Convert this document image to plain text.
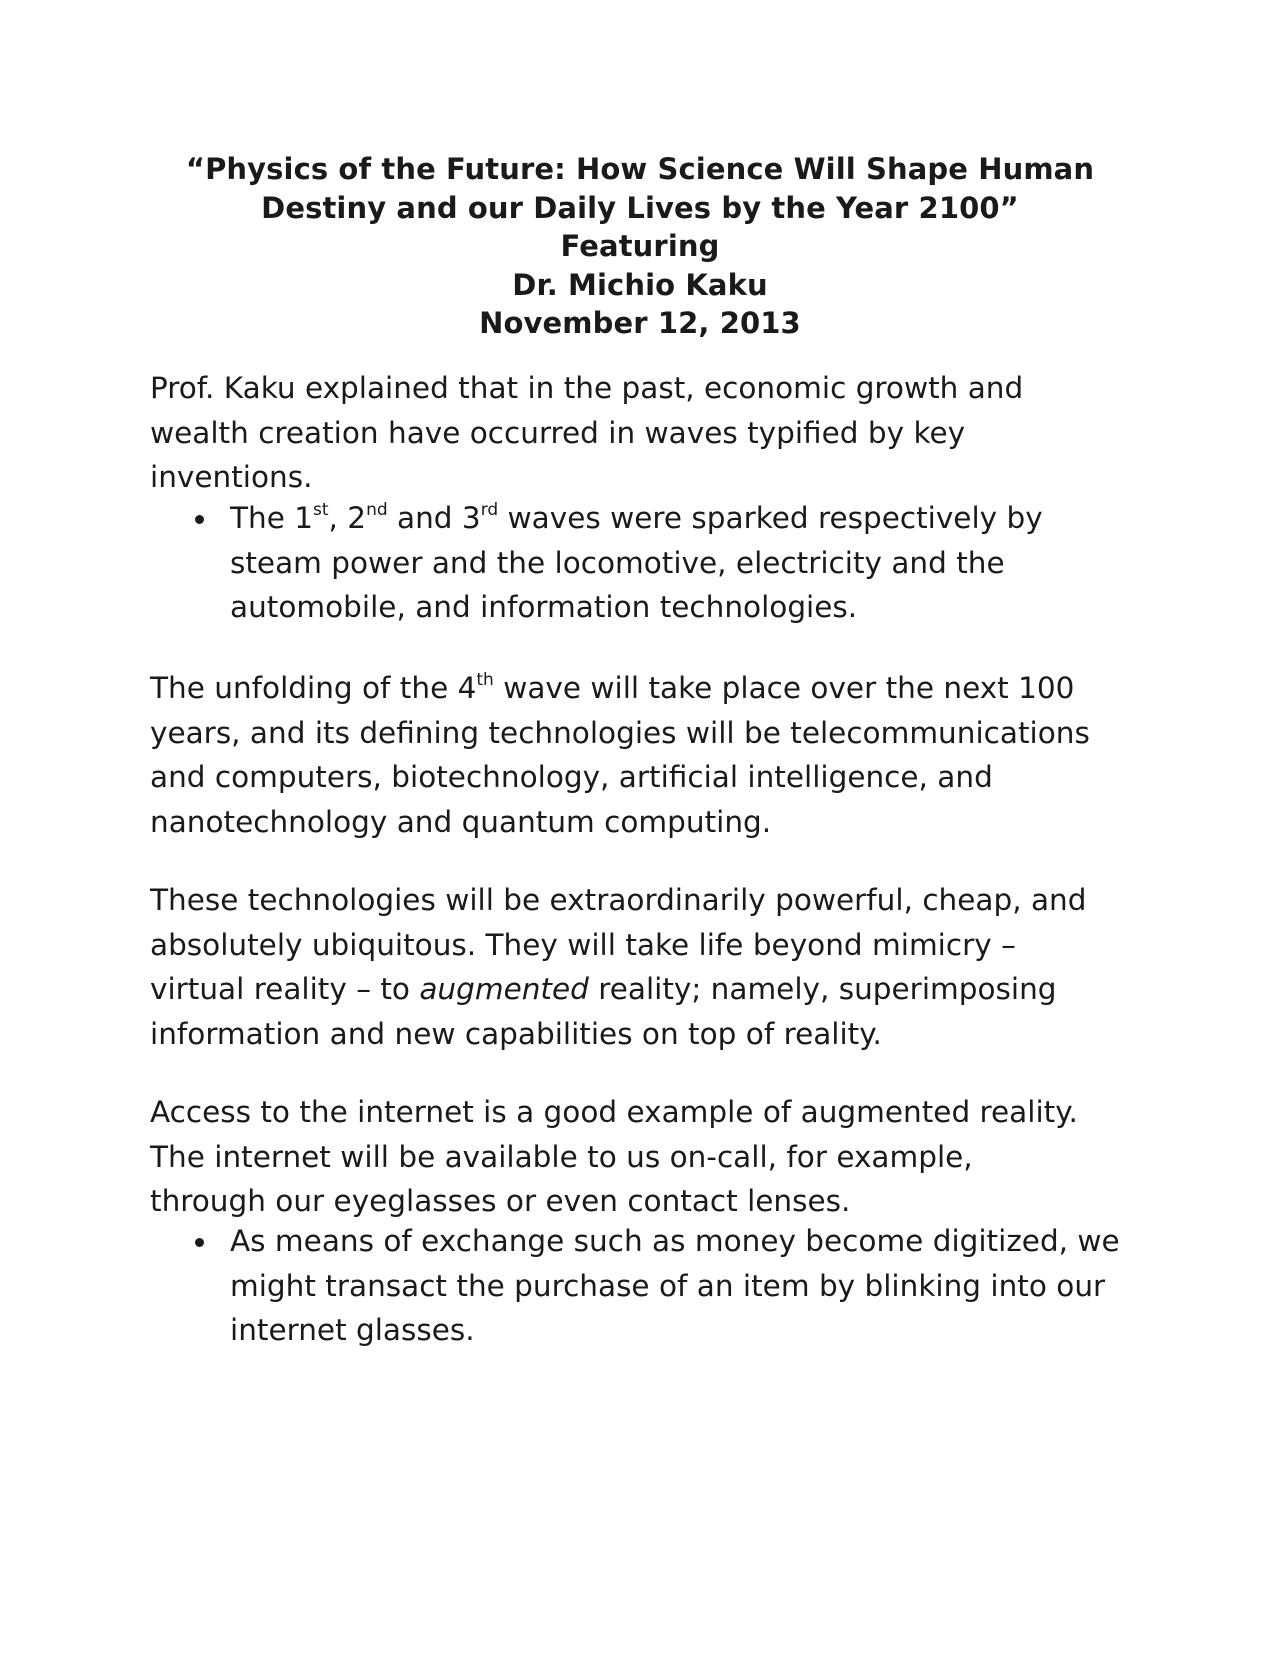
“Physics of the Future: How Science Will Shape Human
Destiny and our Daily Lives by the Year 2100”
Featuring
Dr. Michio Kaku
November 12, 2013

Prof. Kaku explained that in the past, economic growth and
wealth creation have occurred in waves typified by key
inventions.

The 1st, 2nd and 3rd waves were sparked respectively by
steam power and the locomotive, electricity and the
automobile, and information technologies.

The unfolding of the 4th wave will take place over the next 100
years, and its defining technologies will be telecommunications
and computers, biotechnology, artificial intelligence, and
nanotechnology and quantum computing.

These technologies will be extraordinarily powerful, cheap, and
absolutely ubiquitous. They will take life beyond mimicry –
virtual reality – to augmented reality; namely, superimposing
information and new capabilities on top of reality.

Access to the internet is a good example of augmented reality.
The internet will be available to us on-call, for example,
through our eyeglasses or even contact lenses.

As means of exchange such as money become digitized, we
might transact the purchase of an item by blinking into our
internet glasses.
